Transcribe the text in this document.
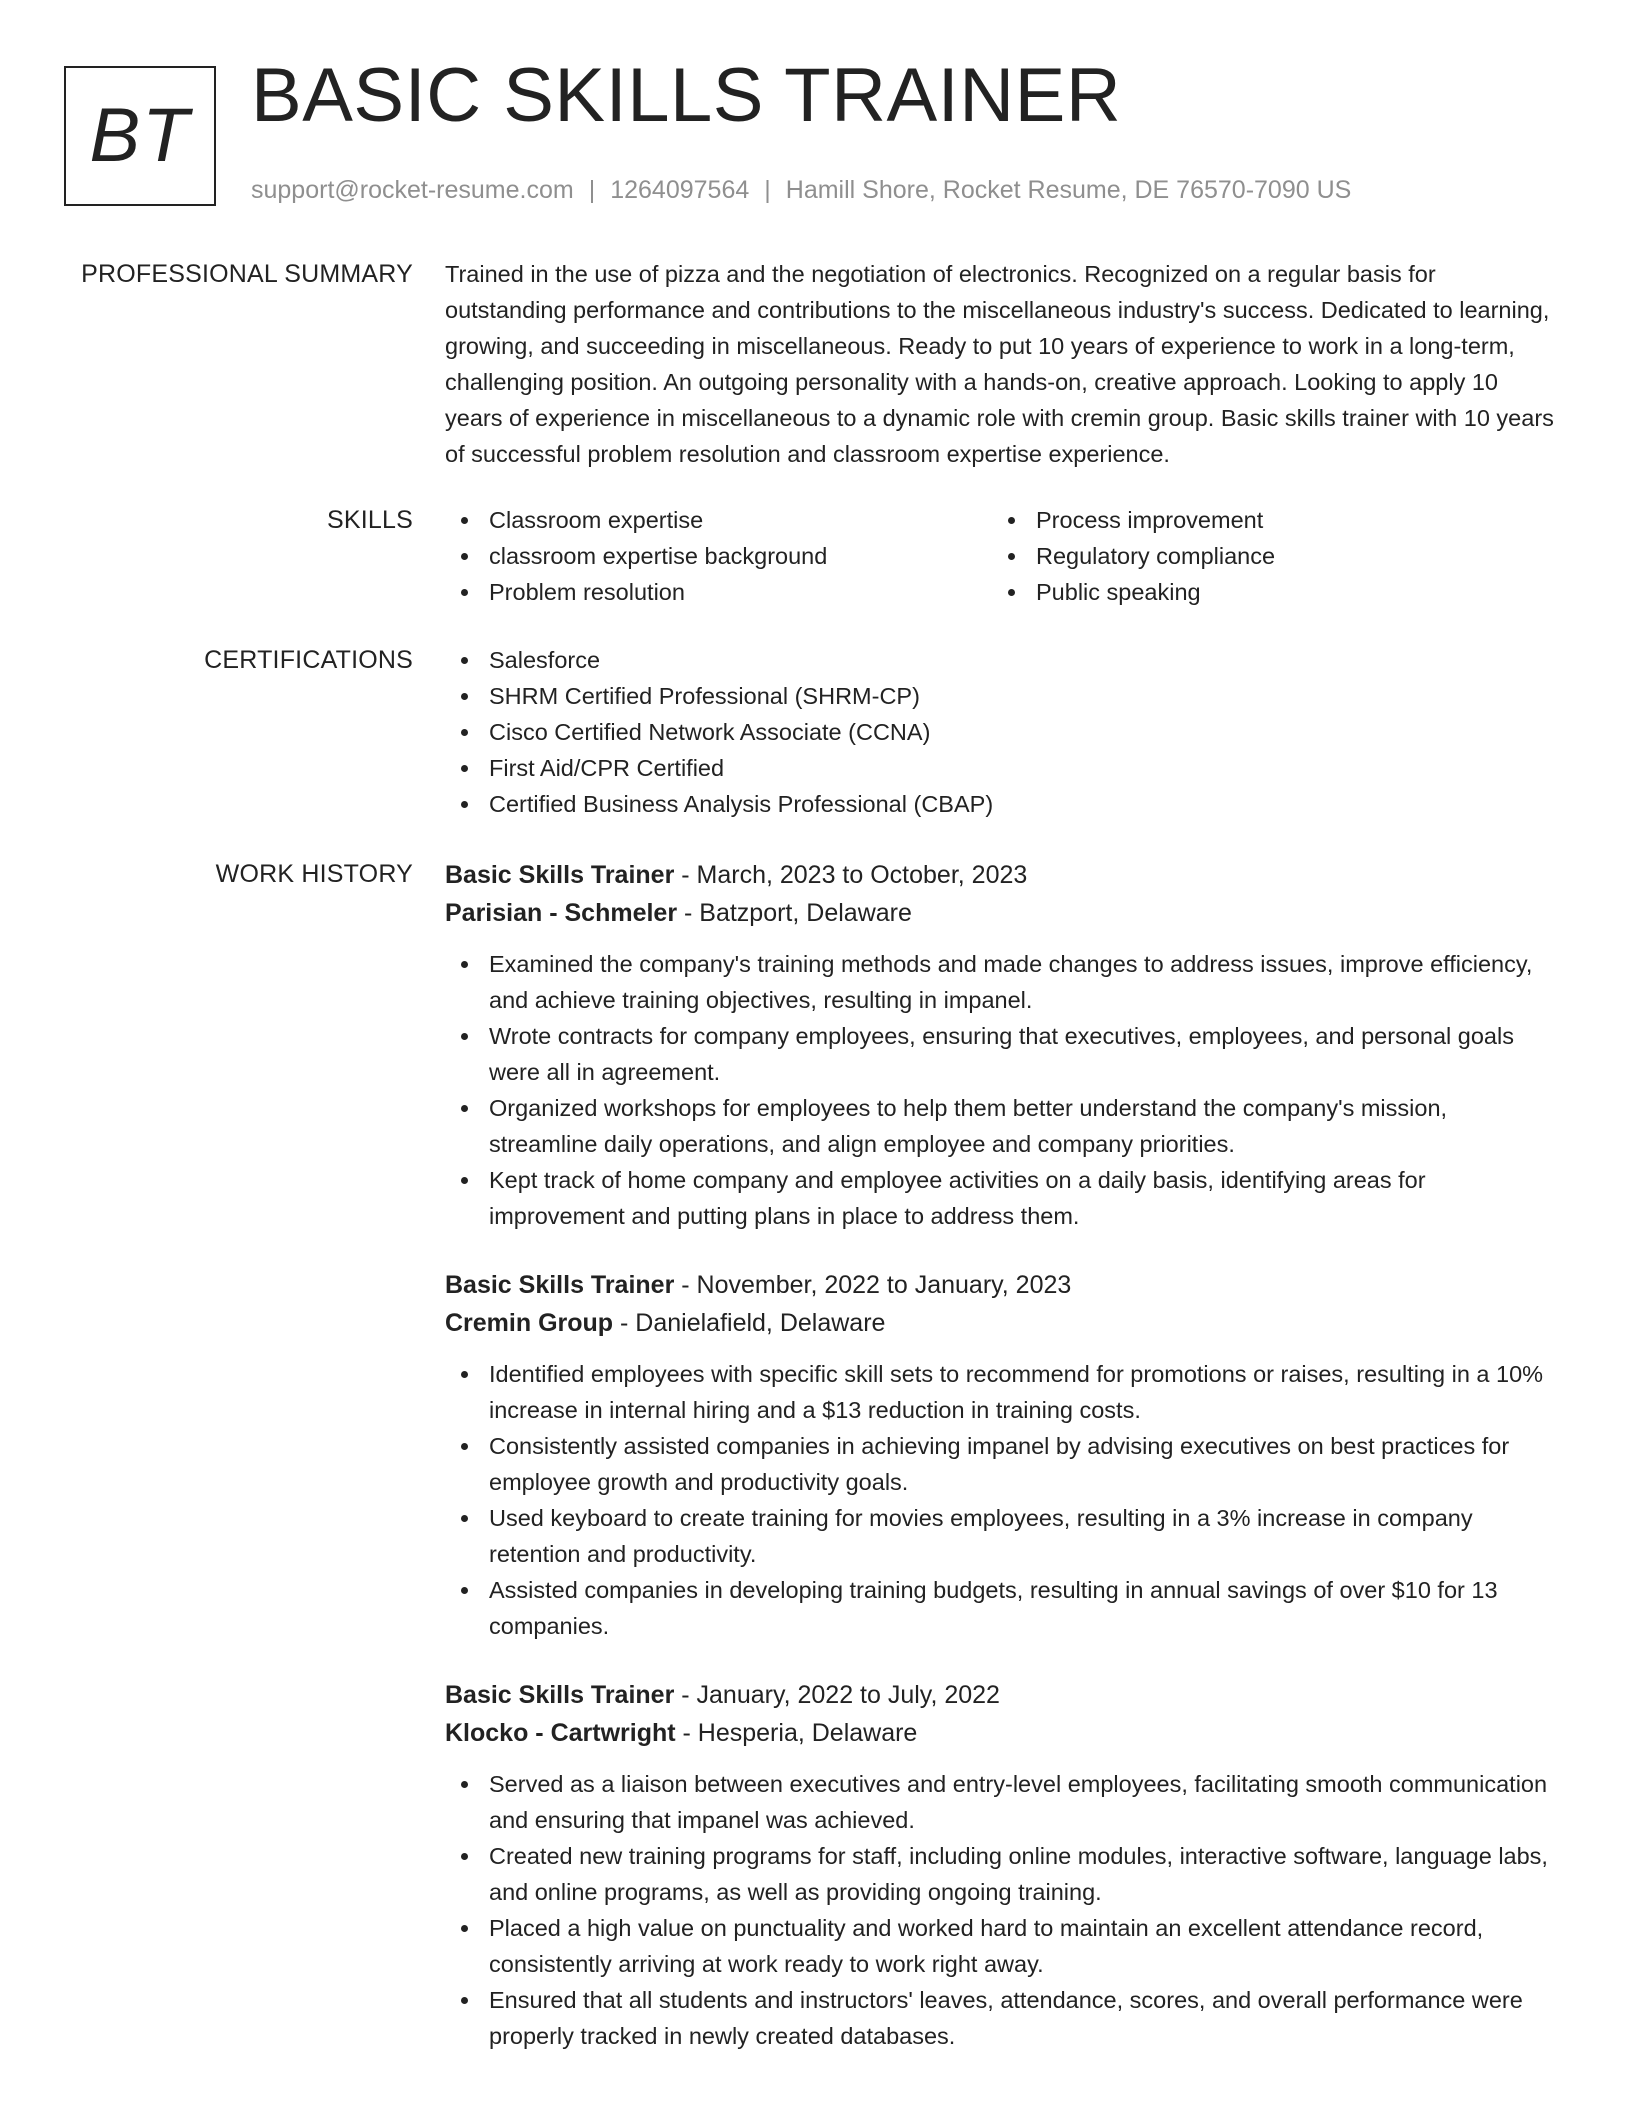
BT BASIC SKILLS TRAINER
support@rocket-resume.com | 1264097564 | Hamill Shore, Rocket Resume, DE 76570-7090 US
PROFESSIONAL SUMMARY Trained in the use of pizza and the negotiation of electronics. Recognized on a regular basis for outstanding performance and contributions to the miscellaneous industry's success. Dedicated to learning, growing, and succeeding in miscellaneous. Ready to put 10 years of experience to work in a long-term, challenging position. An outgoing personality with a hands-on, creative approach. Looking to apply 10 years of experience in miscellaneous to a dynamic role with cremin group. Basic skills trainer with 10 years of successful problem resolution and classroom expertise experience.

SKILLS	Classroom expertise
classroom expertise background
Problem resolution
Process improvement
Regulatory compliance
Public speaking
CERTIFICATIONS	Salesforce
SHRM Certified Professional (SHRM-CP)
Cisco Certified Network Associate (CCNA)
First Aid/CPR Certified
Certified Business Analysis Professional (CBAP)
WORK HISTORY Basic Skills Trainer - March, 2023 to October, 2023
Parisian - Schmeler - Batzport, Delaware
Examined the company's training methods and made changes to address issues, improve efficiency, and achieve training objectives, resulting in impanel.
Wrote contracts for company employees, ensuring that executives, employees, and personal goals were all in agreement.
Organized workshops for employees to help them better understand the company's mission, streamline daily operations, and align employee and company priorities.
Kept track of home company and employee activities on a daily basis, identifying areas for improvement and putting plans in place to address them.
Basic Skills Trainer - November, 2022 to January, 2023
Cremin Group - Danielafield, Delaware
Identified employees with specific skill sets to recommend for promotions or raises, resulting in a 10% increase in internal hiring and a $13 reduction in training costs.
Consistently assisted companies in achieving impanel by advising executives on best practices for employee growth and productivity goals.
Used keyboard to create training for movies employees, resulting in a 3% increase in company retention and productivity.
Assisted companies in developing training budgets, resulting in annual savings of over $10 for 13 companies.
Basic Skills Trainer - January, 2022 to July, 2022
Klocko - Cartwright - Hesperia, Delaware
Served as a liaison between executives and entry-level employees, facilitating smooth communication and ensuring that impanel was achieved.
Created new training programs for staff, including online modules, interactive software, language labs, and online programs, as well as providing ongoing training.
Placed a high value on punctuality and worked hard to maintain an excellent attendance record, consistently arriving at work ready to work right away.
Ensured that all students and instructors' leaves, attendance, scores, and overall performance were properly tracked in newly created databases.
